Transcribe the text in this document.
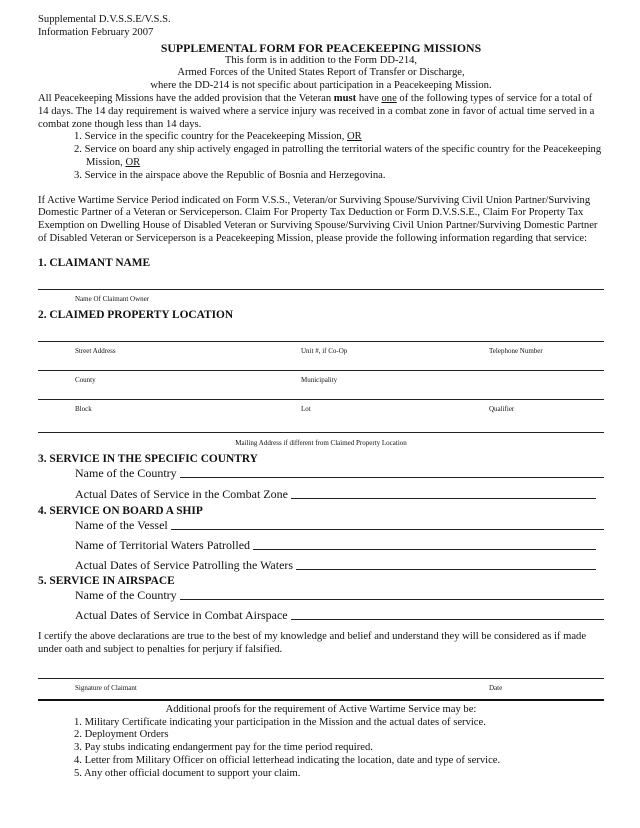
Supplemental D.V.S.S.E/V.S.S.
Information February 2007
SUPPLEMENTAL FORM FOR PEACEKEEPING MISSIONS
This form is in addition to the Form DD-214,
Armed Forces of the United States Report of Transfer or Discharge,
where the DD-214 is not specific about participation in a Peacekeeping Mission.

All Peacekeeping Missions have the added provision that the Veteran must have one of the following types of service for a total of 14 days. The 14 day requirement is waived where a service injury was received in a combat zone in favor of actual time served in a combat zone though less than 14 days.

1. Service in the specific country for the Peacekeeping Mission, OR
2. Service on board any ship actively engaged in patrolling the territorial waters of the specific country for the Peacekeeping Mission, OR
3. Service in the airspace above the Republic of Bosnia and Herzegovina.

If Active Wartime Service Period indicated on Form V.S.S., Veteran/or Surviving Spouse/Surviving Civil Union Partner/Surviving Domestic Partner of a Veteran or Serviceperson. Claim For Property Tax Deduction or Form D.V.S.S.E., Claim For Property Tax Exemption on Dwelling House of Disabled Veteran or Surviving Spouse/Surviving Civil Union Partner/Surviving Domestic Partner of Disabled Veteran or Serviceperson is a Peacekeeping Mission, please provide the following information regarding that service:

1. CLAIMANT NAME
Name Of Claimant Owner
2. CLAIMED PROPERTY LOCATION
Street Address	Unit #, if Co-Op	Telephone Number
County	Municipality
Block	Lot	Qualifier
Mailing Address if different from Claimed Property Location
3. SERVICE IN THE SPECIFIC COUNTRY
Name of the Country
Actual Dates of Service in the Combat Zone
4. SERVICE ON BOARD A SHIP
Name of the Vessel
Name of Territorial Waters Patrolled
Actual Dates of Service Patrolling the Waters
5. SERVICE IN AIRSPACE
Name of the Country
Actual Dates of Service in Combat Airspace

I certify the above declarations are true to the best of my knowledge and belief and understand they will be considered as if made under oath and subject to penalties for perjury if falsified.

Signature of Claimant	Date
Additional proofs for the requirement of Active Wartime Service may be:
1. Military Certificate indicating your participation in the Mission and the actual dates of service.
2. Deployment Orders
3. Pay stubs indicating endangerment pay for the time period required.
4. Letter from Military Officer on official letterhead indicating the location, date and type of service.
5. Any other official document to support your claim.
